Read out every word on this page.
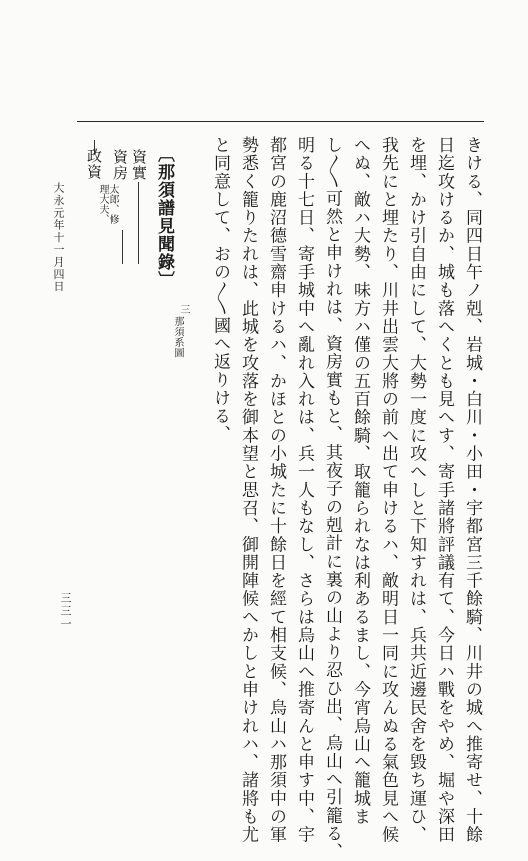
きける、同四日午ノ剋、岩城・白川・小田・宇都宮三千餘騎、川井の城へ推寄せ、十餘
日迄攻けるか、城も落へくとも見へす、寄手諸將評議有て、今日ハ戰をやめ、堀や深田
を埋、かけ引自由にして、大勢一度に攻へしと下知すれは、兵共近邊民舍を毀ち運ひ、
我先にと埋たり、川井出雲大將の前へ出て申けるハ、敵明日一同に攻んぬる氣色見へ候
へぬ、敵ハ大勢、味方ハ僅の五百餘騎、取籠られなは利あるまし、今宵烏山へ籠城ま
し〳〵可然と申けれは、資房實もと、其夜子の剋計に裏の山より忍ひ出、烏山へ引籠る、
明る十七日、寄手城中へ亂れ入れは、兵一人もなし、さらは烏山へ推寄んと申す中、宇
都宮の鹿沼德雪齋申けるハ、かほとの小城たに十餘日を經て相支候、烏山ハ那須中の軍
勢悉く籠りたれは、此城を攻落を御本望と思召、御開陣候へかしと申けれハ、諸將も尤
と同意して、おの〳〵國へ返りける、
三
那須系圖
〔那須譜見聞錄〕
資實
資房
太郎、修
理大夫、
政資
大永元年十一月四日
三三一
